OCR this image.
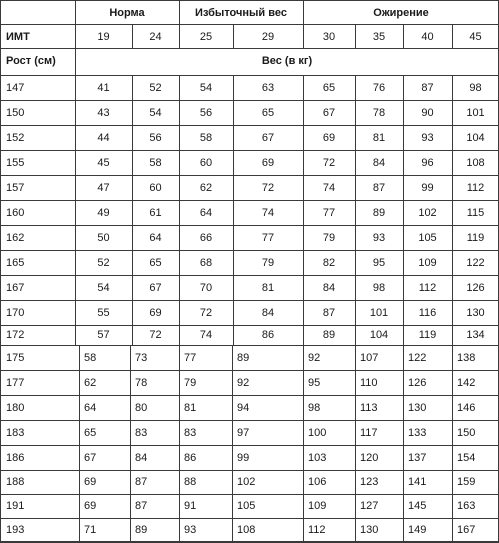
Норма	Избыточный вес	Ожирение
ИМТ	19	24	25	29	30	35	40	45
Рост (см)	Вес (в кг)
147	41	52	54	63	65	76	87	98
150	43	54	56	65	67	78	90	101
152	44	56	58	67	69	81	93	104
155	45	58	60	69	72	84	96	108
157	47	60	62	72	74	87	99	112
160	49	61	64	74	77	89	102	115
162	50	64	66	77	79	93	105	119
165	52	65	68	79	82	95	109	122
167	54	67	70	81	84	98	112	126
170	55	69	72	84	87	101	116	130
172	57	72	74	86	89	104	119	134
175	58	73	77	89	92	107	122	138
177	62	78	79	92	95	110	126	142
180	64	80	81	94	98	113	130	146
183	65	83	83	97	100	117	133	150
186	67	84	86	99	103	120	137	154
188	69	87	88	102	106	123	141	159
191	69	87	91	105	109	127	145	163
193	71	89	93	108	112	130	149	167
